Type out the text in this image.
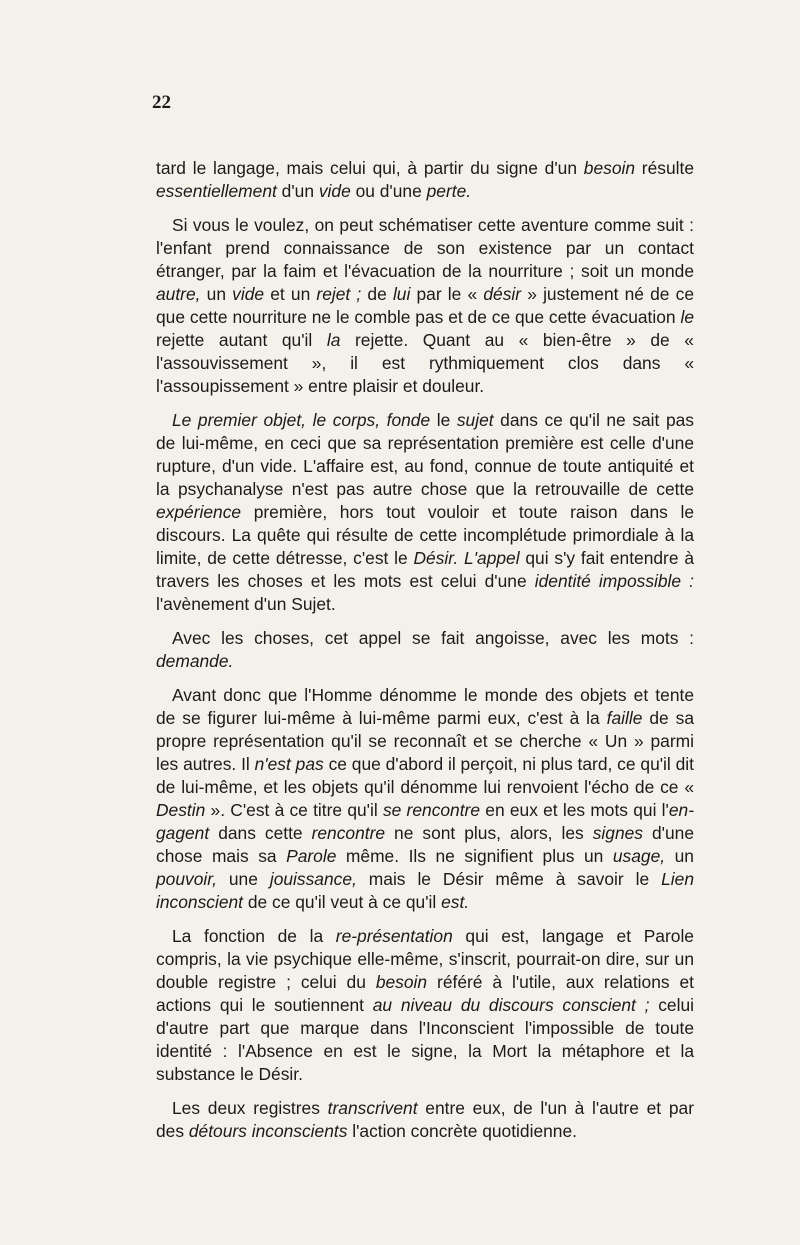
22

tard le langage, mais celui qui, à partir du signe d'un besoin résulte essentiellement d'un vide ou d'une perte.

Si vous le voulez, on peut schématiser cette aventure comme suit : l'enfant prend connaissance de son existence par un contact étranger, par la faim et l'évacuation de la nourriture ; soit un monde autre, un vide et un rejet ; de lui par le « désir » justement né de ce que cette nourriture ne le comble pas et de ce que cette évacuation le rejette autant qu'il la rejette. Quant au « bien-être » de « l'assouvissement », il est rythmiquement clos dans « l'assoupissement » entre plaisir et douleur.

Le premier objet, le corps, fonde le sujet dans ce qu'il ne sait pas de lui-même, en ceci que sa représentation première est celle d'une rupture, d'un vide. L'affaire est, au fond, connue de toute antiquité et la psychanalyse n'est pas autre chose que la retrouvaille de cette expérience première, hors tout vouloir et toute raison dans le discours. La quête qui résulte de cette incomplétude primordiale à la limite, de cette détresse, c'est le Désir. L'appel qui s'y fait entendre à travers les choses et les mots est celui d'une identité impossible : l'avènement d'un Sujet.

Avec les choses, cet appel se fait angoisse, avec les mots : demande.

Avant donc que l'Homme dénomme le monde des objets et tente de se figurer lui-même à lui-même parmi eux, c'est à la faille de sa propre représentation qu'il se reconnaît et se cherche « Un » parmi les autres. Il n'est pas ce que d'abord il perçoit, ni plus tard, ce qu'il dit de lui-même, et les objets qu'il dénomme lui renvoient l'écho de ce « Destin ». C'est à ce titre qu'il se rencontre en eux et les mots qui l'en-gagent dans cette rencontre ne sont plus, alors, les signes d'une chose mais sa Parole même. Ils ne signifient plus un usage, un pouvoir, une jouissance, mais le Désir même à savoir le Lien inconscient de ce qu'il veut à ce qu'il est.

La fonction de la re-présentation qui est, langage et Parole compris, la vie psychique elle-même, s'inscrit, pourrait-on dire, sur un double registre ; celui du besoin référé à l'utile, aux relations et actions qui le soutiennent au niveau du discours conscient ; celui d'autre part que marque dans l'Inconscient l'impossible de toute identité : l'Absence en est le signe, la Mort la métaphore et la substance le Désir.

Les deux registres transcrivent entre eux, de l'un à l'autre et par des détours inconscients l'action concrète quotidienne.
